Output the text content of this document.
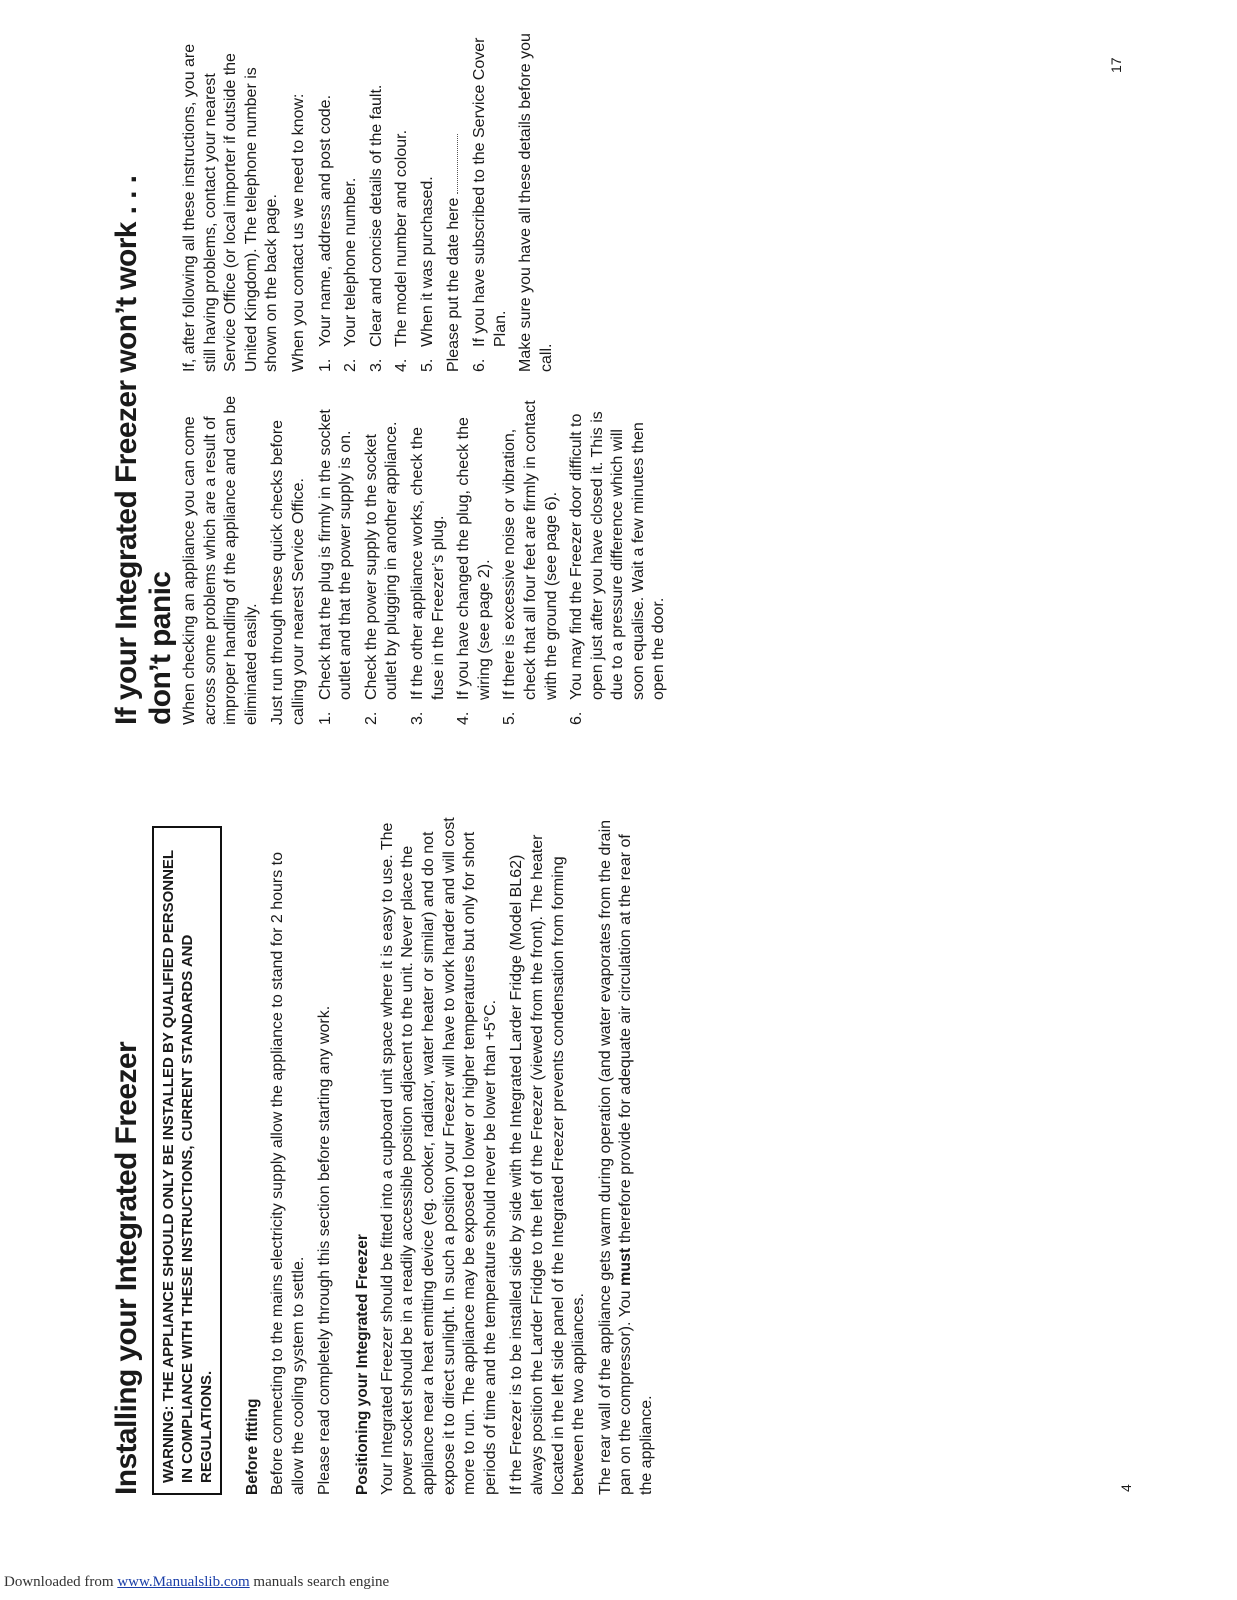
Installing your Integrated Freezer	WARNING: THE APPLIANCE SHOULD ONLY BE INSTALLED BY QUALIFIED PERSONNEL IN COMPLIANCE WITH THESE INSTRUCTIONS, CURRENT STANDARDS AND REGULATIONS.	Before fitting Before connecting to the mains electricity supply allow the appliance to stand for 2 hours to allow the cooling system to settle. Please read completely through this section before starting any work. Positioning your Integrated Freezer Your Integrated Freezer should be fitted into a cupboard unit space where it is easy to use. The power socket should be in a readily accessible position adjacent to the unit. Never place the appliance near a heat emitting device (eg. cooker, radiator, water heater or similar) and do not expose it to direct sunlight. In such a position your Freezer will have to work harder and will cost more to run. The appliance may be exposed to lower or higher temperatures but only for short periods of time and the temperature should never be lower than +5°C. If the Freezer is to be installed side by side with the Integrated Larder Fridge (Model BL62) always position the Larder Fridge to the left of the Freezer (viewed from the front). The heater located in the left side panel of the Integrated Freezer prevents condensation from forming between the two appliances. The rear wall of the appliance gets warm during operation (and water evaporates from the drain pan on the compressor). You must therefore provide for adequate air circulation at the rear of the appliance.	4
If your Integrated Freezer won’t work . . . don’t panic When checking an appliance you can come across some problems which are a result of improper handling of the appliance and can be eliminated easily. Just run through these quick checks before calling your nearest Service Office. 1.
Check that the plug is firmly in the socket outlet and that the power supply is on.
2.
Check the power supply to the socket outlet by plugging in another appliance.
3.
If the other appliance works, check the fuse in the Freezer’s plug.
4.
If you have changed the plug, check the wiring (see page 2).
5.
If there is excessive noise or vibration, check that all four feet are firmly in contact with the ground (see page 6).
6.
You may find the Freezer door difficult to open just after you have closed it. This is due to a pressure difference which will soon equalise. Wait a few minutes then open the door.

If, after following all these instructions, you are still having problems, contact your nearest Service Office (or local importer if outside the United Kingdom). The telephone number is shown on the back page. When you contact us we need to know: 1.
Your name, address and post code.
2.
Your telephone number.
3.
Clear and concise details of the fault.
4.
The model number and colour.
5.
When it was purchased. Please put the date here 6.
If you have subscribed to the Service Cover Plan. Make sure you have all these details before you call.

17
Downloaded from www.Manualslib.com manuals search engine
